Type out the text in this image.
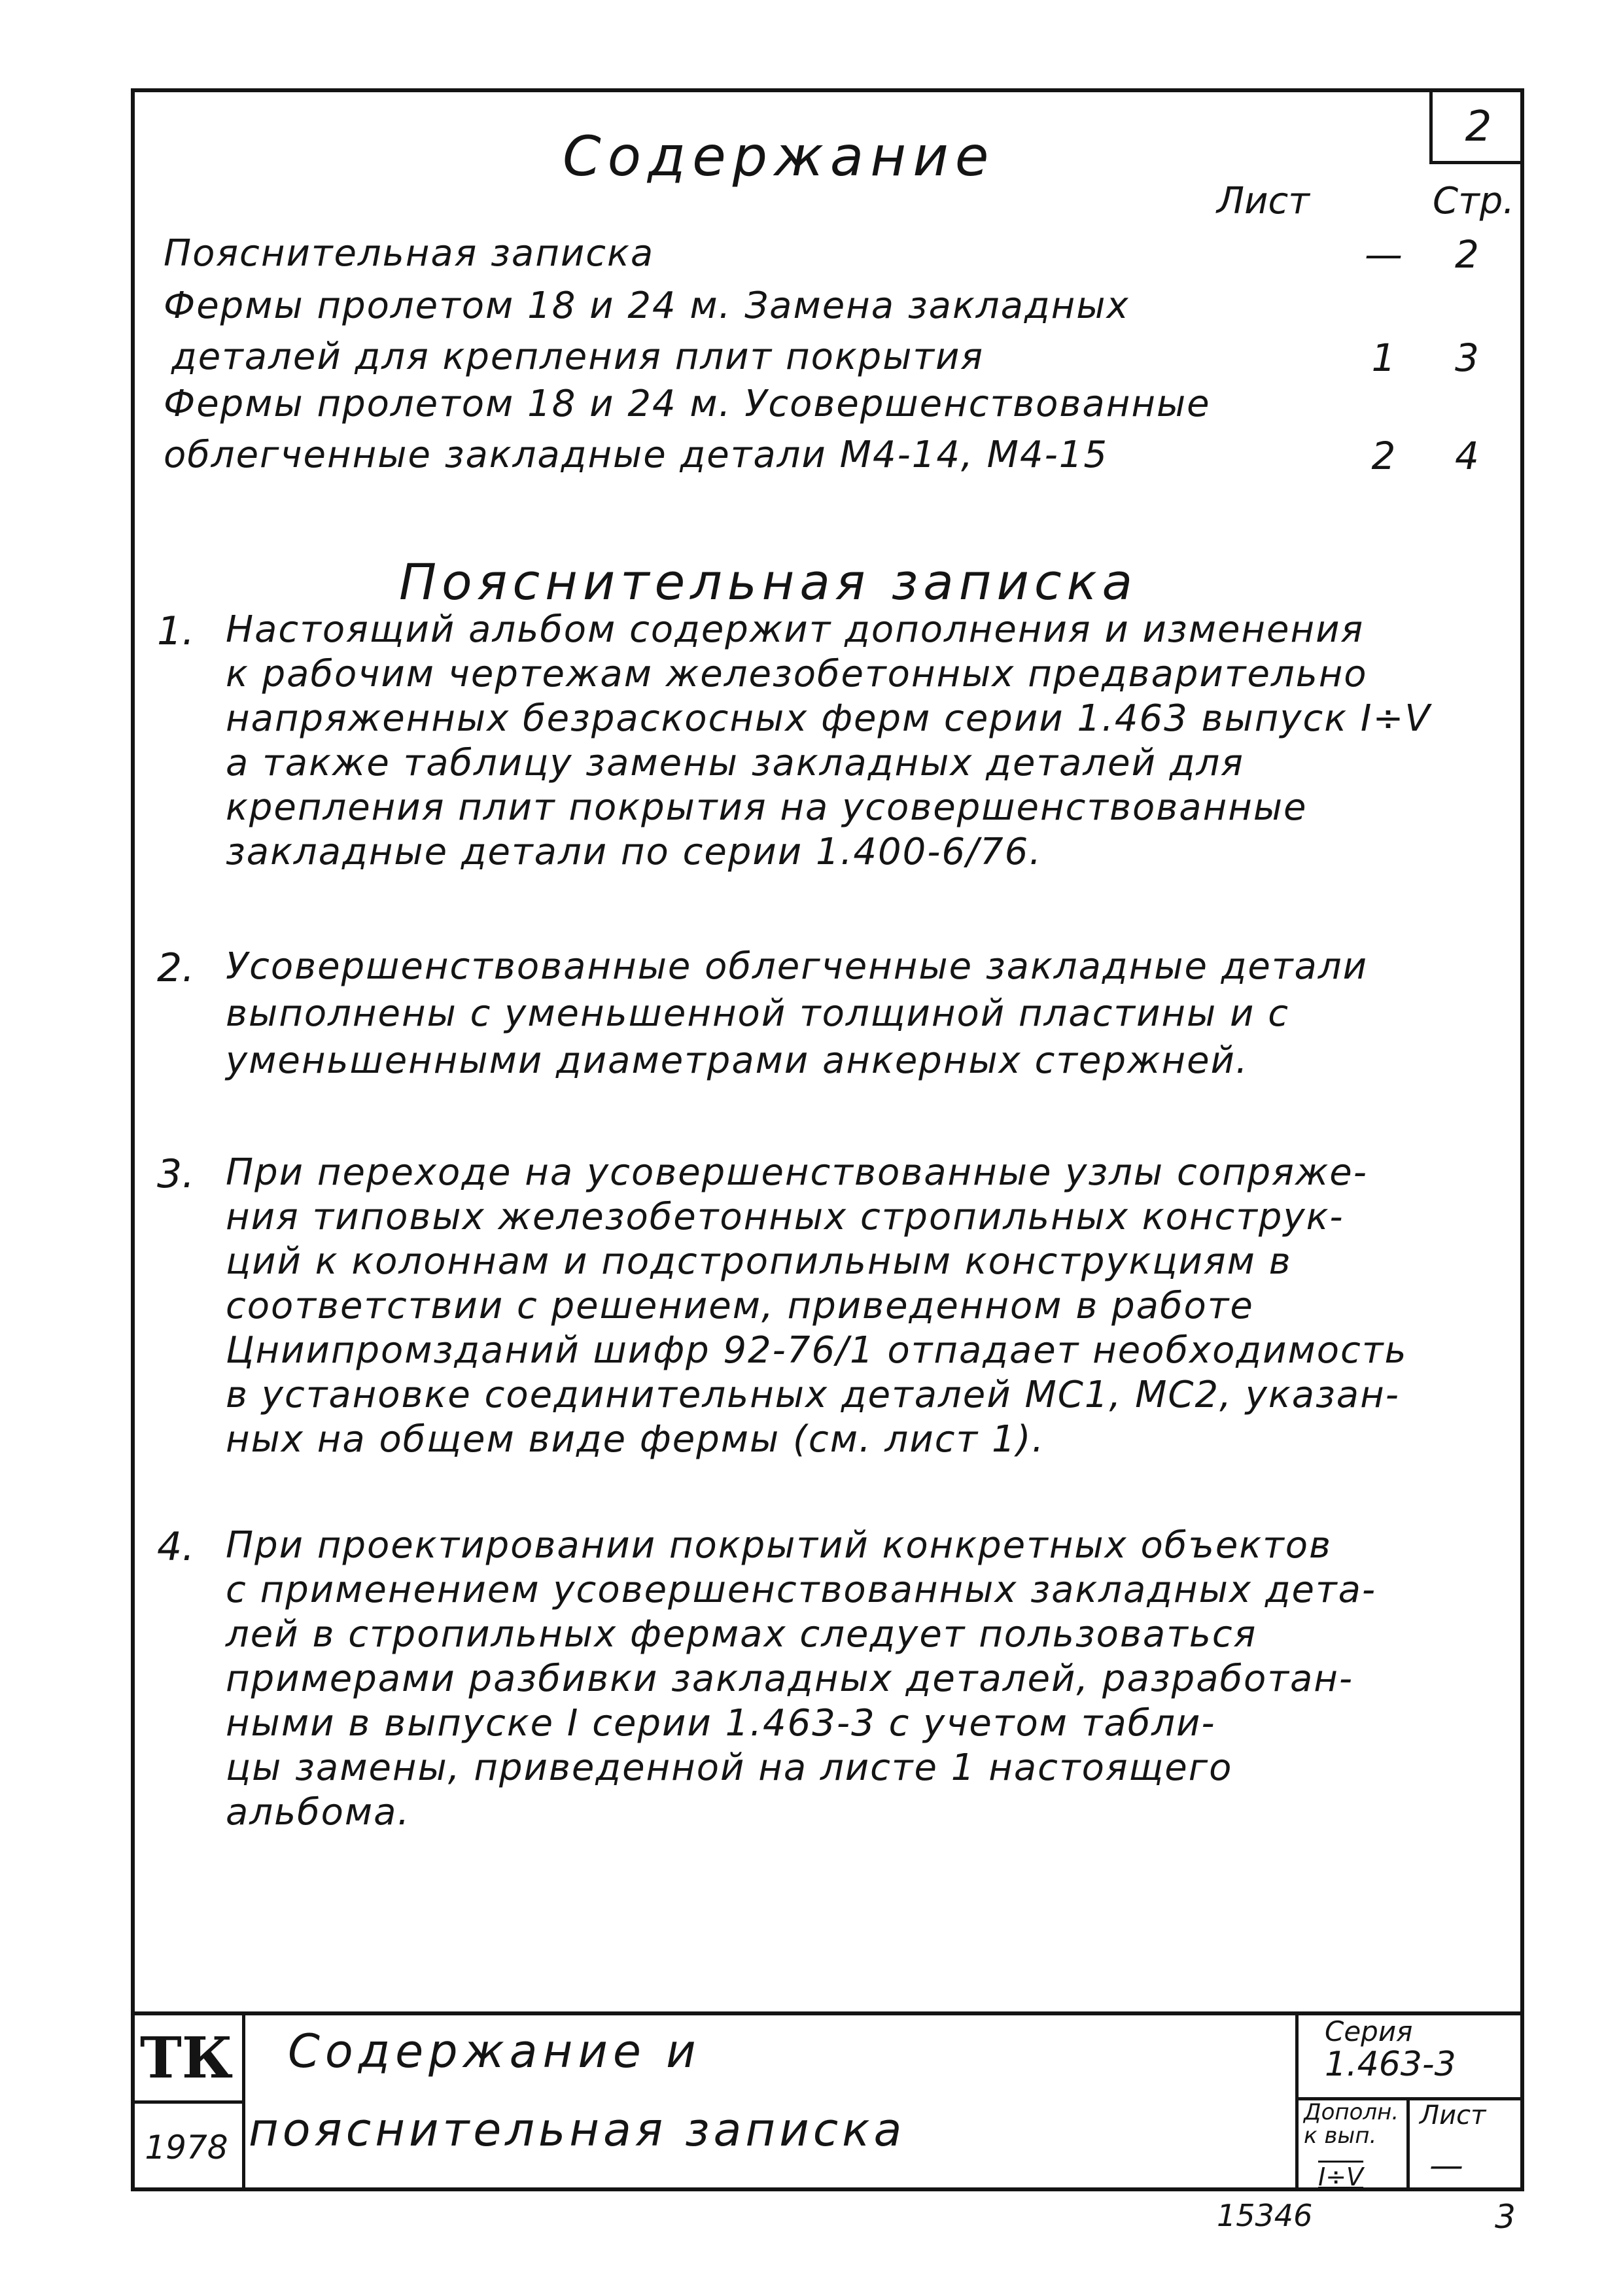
2
Содержание
Лист	Стр.
Пояснительная записка	—	2
Фермы пролетом 18 и 24 м. Замена закладных
деталей для крепления плит покрытия	1	3
Фермы пролетом 18 и 24 м. Усовершенствованные
облегченные закладные детали М4-14, М4-15	2	4
Пояснительная записка
1. Настоящий альбом содержит дополнения и изменения
к рабочим чертежам железобетонных предварительно
напряженных безраскосных ферм серии 1.463 выпуск I÷V
а также таблицу замены закладных деталей для
крепления плит покрытия на усовершенствованные
закладные детали по серии 1.400-6/76.
2. Усовершенствованные облегченные закладные детали
выполнены с уменьшенной толщиной пластины и с
уменьшенными диаметрами анкерных стержней.
3. При переходе на усовершенствованные узлы сопряже-
ния типовых железобетонных стропильных конструк-
ций к колоннам и подстропильным конструкциям в
соответствии с решением, приведенном в работе
Цниипромзданий шифр 92-76/1 отпадает необходимость
в установке соединительных деталей МС1, МС2, указан-
ных на общем виде фермы (см. лист 1).
4. При проектировании покрытий конкретных объектов
с применением усовершенствованных закладных дета-
лей в стропильных фермах следует пользоваться
примерами разбивки закладных деталей, разработан-
ными в выпуске I серии 1.463-3 с учетом табли-
цы замены, приведенной на листе 1 настоящего
альбома.
ТК
1978
Серия
1.463-3
Дополн.
к вып.
I÷V
Лист
—
Содержание и
пояснительная записка
15346	3
